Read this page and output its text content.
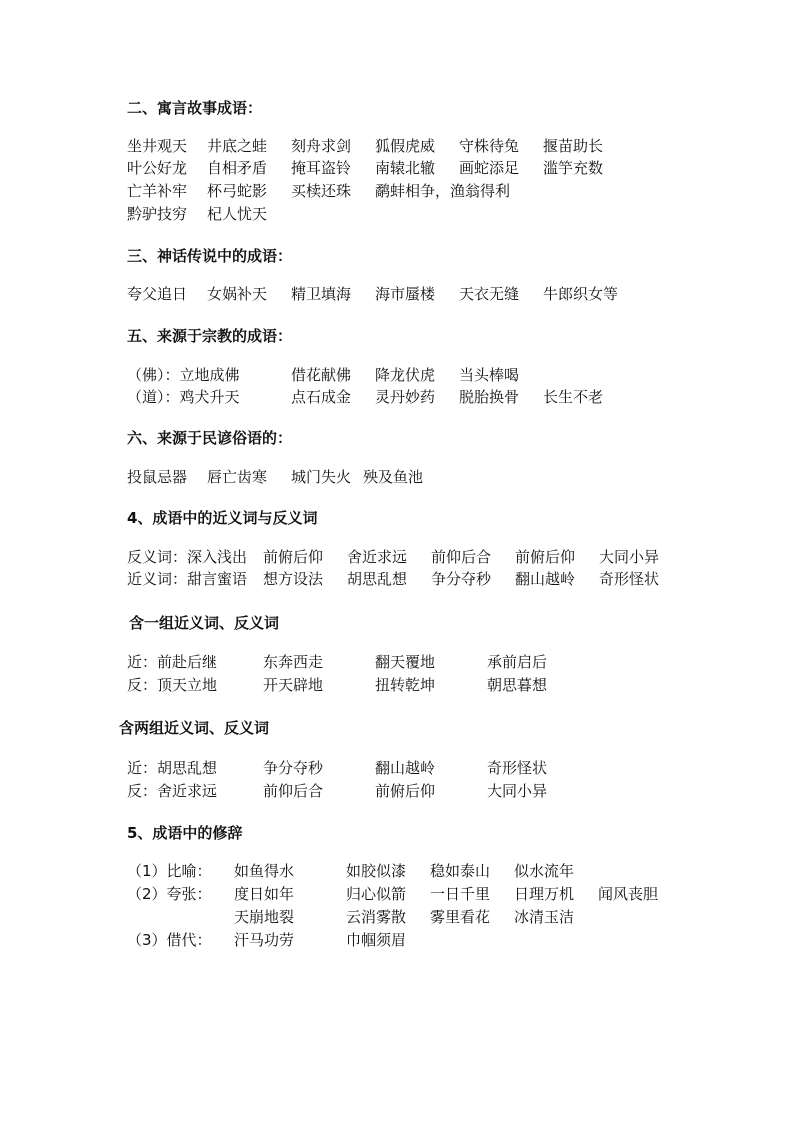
二、寓言故事成语：
坐井观天 井底之蛙 刻舟求剑 狐假虎威 守株待兔 揠苗助长
叶公好龙 自相矛盾 掩耳盗铃 南辕北辙 画蛇添足 滥竽充数
亡羊补牢 杯弓蛇影 买椟还珠 鹬蚌相争，渔翁得利
黔驴技穷 杞人忧天
三、神话传说中的成语：
夸父追日 女娲补天 精卫填海 海市蜃楼 天衣无缝 牛郎织女等
五、来源于宗教的成语：
（佛）：立地成佛	借花献佛 降龙伏虎 当头棒喝
（道）：鸡犬升天	点石成金 灵丹妙药 脱胎换骨 长生不老
六、来源于民谚俗语的：
投鼠忌器 唇亡齿寒 城门失火 殃及鱼池
4、成语中的近义词与反义词
反义词：深入浅出 前俯后仰 舍近求远 前仰后合 前俯后仰 大同小异
近义词：甜言蜜语 想方设法 胡思乱想 争分夺秒 翻山越岭 奇形怪状
含一组近义词、反义词
近：前赴后继	东奔西走	翻天覆地	承前启后
反：顶天立地	开天辟地	扭转乾坤	朝思暮想
含两组近义词、反义词
近：胡思乱想	争分夺秒	翻山越岭	奇形怪状
反：舍近求远	前仰后合	前俯后仰	大同小异
5、成语中的修辞
（1）比喻： 如鱼得水	如胶似漆 稳如泰山 似水流年
（2）夸张： 度日如年	归心似箭 一日千里 日理万机 闻风丧胆
天崩地裂	云消雾散 雾里看花 冰清玉洁
（3）借代： 汗马功劳	巾帼须眉
